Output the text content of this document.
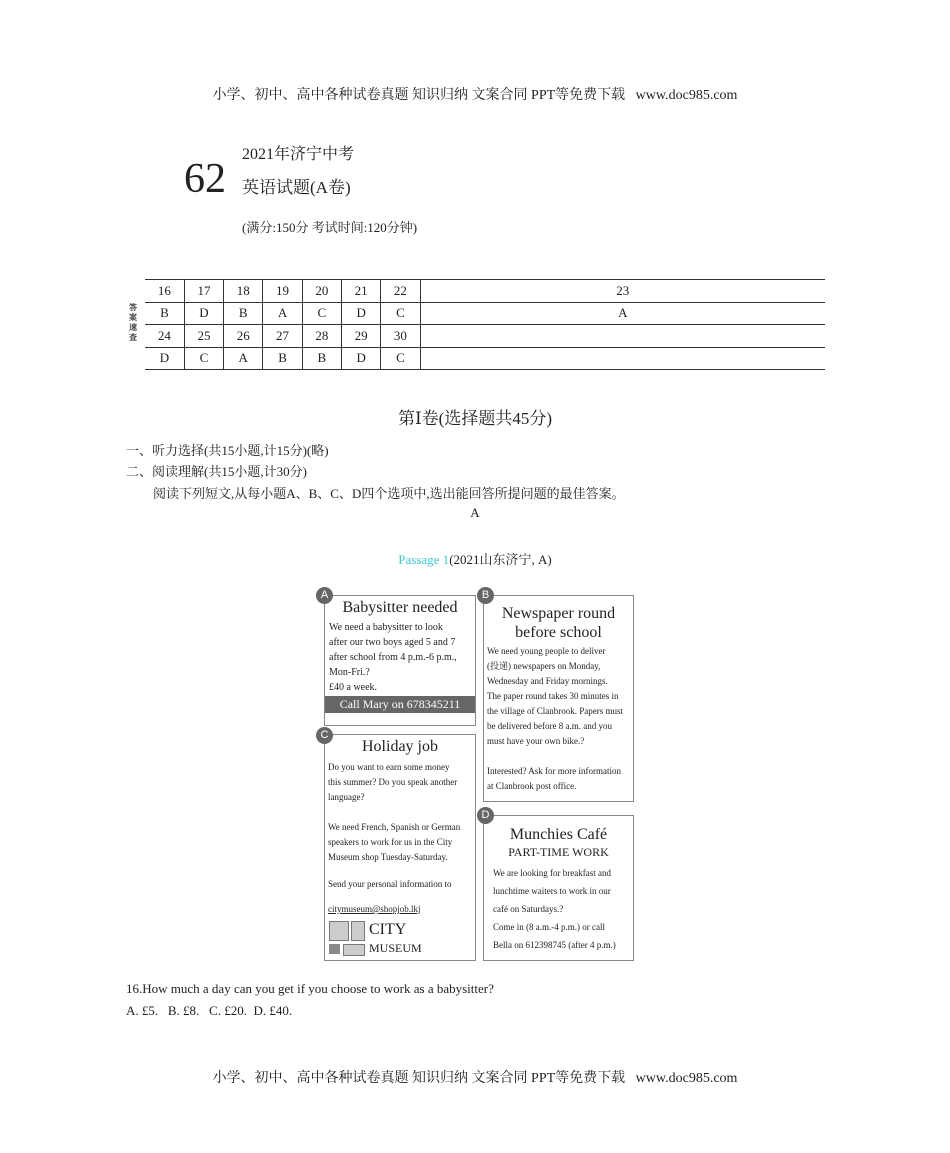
小学、初中、高中各种试卷真题 知识归纳 文案合同 PPT等免费下载   www.doc985.com
62
2021年济宁中考
英语试题(A卷)
(满分:150分 考试时间:120分钟)
答
案
速
查
16	17	18	19	20	21	22	23
B	D	B	A	C	D	C	A
24	25	26	27	28	29	30	
D	C	A	B	B	D	C	
第Ⅰ卷(选择题共45分)
一、听力选择(共15小题,计15分)(略)
二、阅读理解(共15小题,计30分)
阅读下列短文,从每小题A、B、C、D四个选项中,选出能回答所提问题的最佳答案。
A
Passage 1(2021山东济宁, A)
Babysitter needed
We need a babysitter to look
after our two boys aged 5 and 7
after school from 4 p.m.-6 p.m.,
Mon-Fri.?
£40 a week.
Call Mary on 678345211
A
Newspaper round
before school
We need young people to deliver
(投递) newspapers on Monday,
Wednesday and Friday mornings.
The paper round takes 30 minutes in
the village of Clanbrook. Papers must
be delivered before 8 a.m. and you
must have your own bike.?
Interested? Ask for more information
at Clanbrook post office.
B
Holiday job
Do you want to earn some money
this summer? Do you speak another
language?
We need French, Spanish or German
speakers to work for us in the City
Museum shop Tuesday-Saturday.
Send your personal information to
citymuseum@shopjob.lkj
CITY
MUSEUM
C
Munchies Café
PART-TIME WORK
We are looking for breakfast and
lunchtime waiters to work in our
café on Saturdays.?
Come in (8 a.m.-4 p.m.) or call
Bella on 612398745 (after 4 p.m.)
D
16.How much a day can you get if you choose to work as a babysitter?
A. £5.   B. £8.   C. £20.  D. £40.
小学、初中、高中各种试卷真题 知识归纳 文案合同 PPT等免费下载   www.doc985.com
